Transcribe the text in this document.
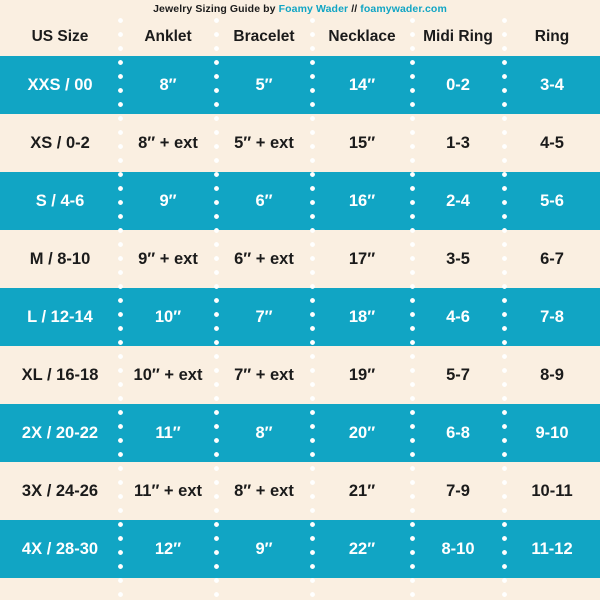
Jewelry Sizing Guide by Foamy Wader // foamywader.com
US Size	Anklet	Bracelet	Necklace	Midi Ring	Ring
XXS / 00	8″	5″	14″	0-2	3-4
XS / 0-2	8″ + ext	5″ + ext	15″	1-3	4-5
S / 4-6	9″	6″	16″	2-4	5-6
M / 8-10	9″ + ext	6″ + ext	17″	3-5	6-7
L / 12-14	10″	7″	18″	4-6	7-8
XL / 16-18	10″ + ext	7″ + ext	19″	5-7	8-9
2X / 20-22	11″	8″	20″	6-8	9-10
3X / 24-26	11″ + ext	8″ + ext	21″	7-9	10-11
4X / 28-30	12″	9″	22″	8-10	11-12
